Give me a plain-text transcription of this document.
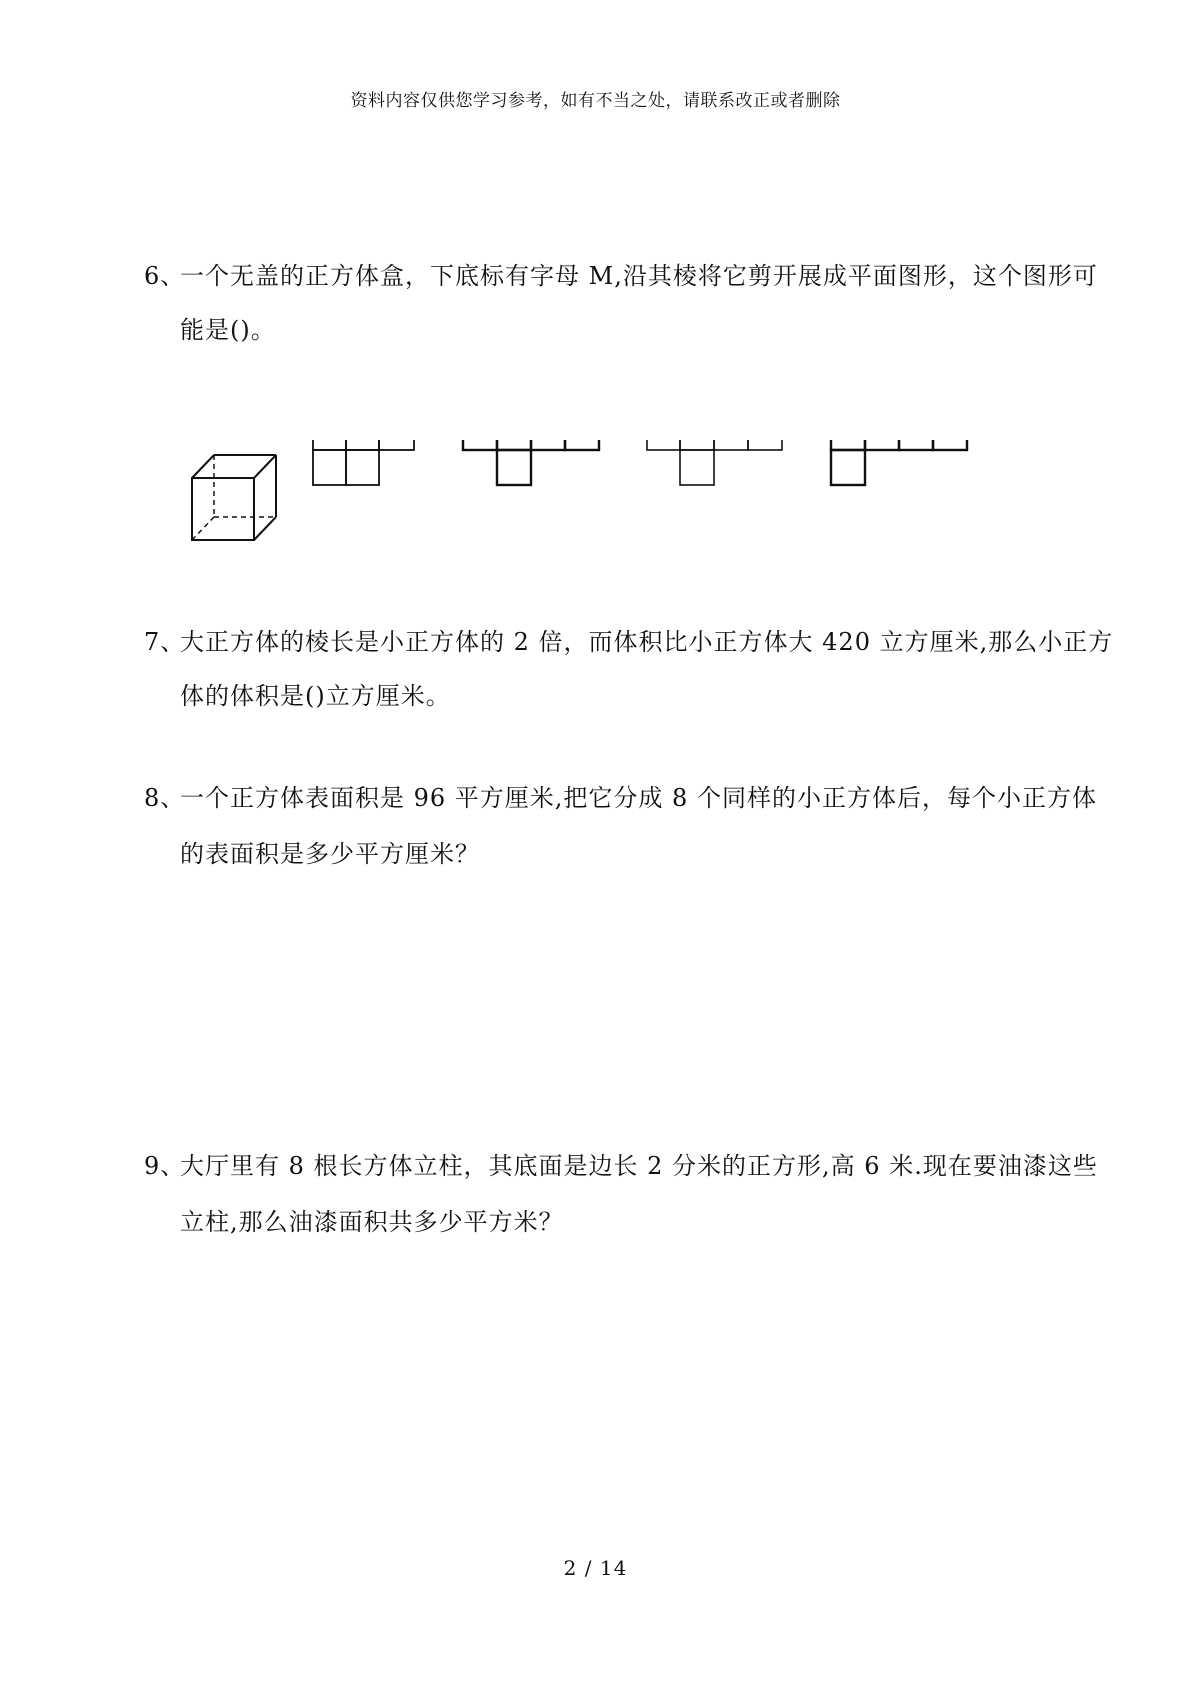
资料内容仅供您学习参考，如有不当之处，请联系改正或者删除
6、一个无盖的正方体盒，下底标有字母 M,沿其棱将它剪开展成平面图形，这个图形可
能是()。
7、大正方体的棱长是小正方体的 2 倍，而体积比小正方体大 420 立方厘米,那么小正方
体的体积是()立方厘米。
8、一个正方体表面积是 96 平方厘米,把它分成 8 个同样的小正方体后，每个小正方体
的表面积是多少平方厘米？
9、大厅里有 8 根长方体立柱，其底面是边长 2 分米的正方形,高 6 米.现在要油漆这些
立柱,那么油漆面积共多少平方米？
2 / 14
